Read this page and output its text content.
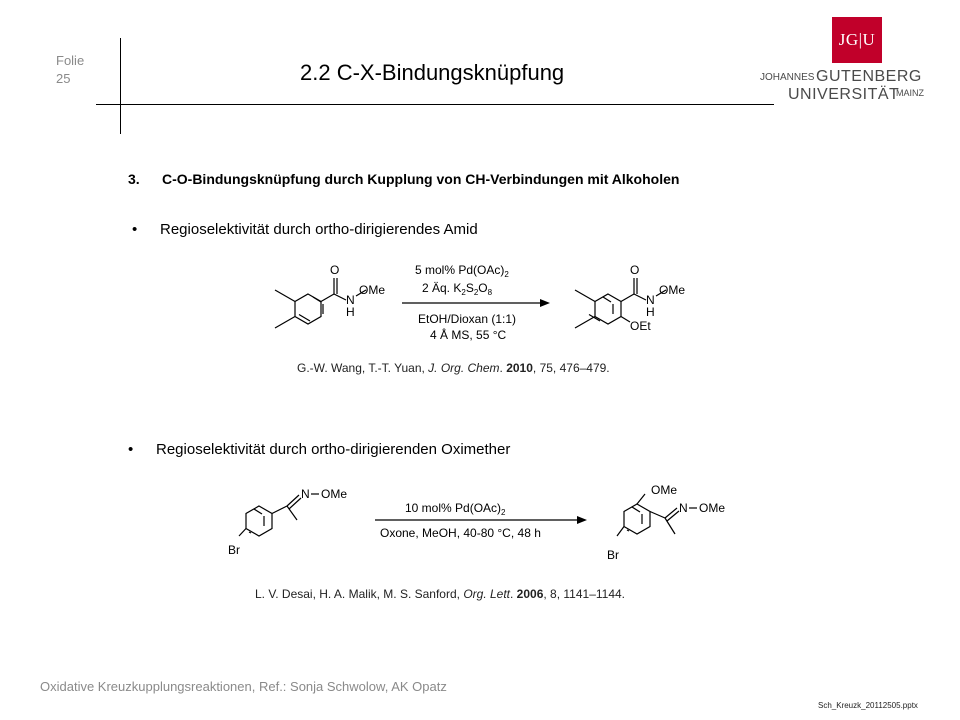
Folie
25	2.2 C-X-Bindungsknüpfung
JG|U
JOHANNES GUTENBERG
UNIVERSITÄT
MAINZ
3. C-O-Bindungsknüpfung durch Kupplung von CH-Verbindungen mit Alkoholen
• Regioselektivität durch ortho-dirigierendes Amid
O
N
H
OMe
5 mol% $Pd(OAc)_2$
2 Äq. $K_2S_2O_8$
EtOH/Dioxan (1:1)
4 Å MS, 55 °C
O
N
H
OMe
OEt
G.-W. Wang, T.-T. Yuan, J. Org. Chem. 2010, 75, 476–479.
• Regioselektivität durch ortho-dirigierenden Oximether
Br
N OMe
10 mol% $Pd(OAc)_2$
Oxone, MeOH, 40-80 °C, 48 h
OMe
N OMe
Br
L. V. Desai, H. A. Malik, M. S. Sanford, Org. Lett. 2006, 8, 1141–1144.
Oxidative Kreuzkupplungsreaktionen, Ref.: Sonja Schwolow, AK Opatz
Sch_Kreuzk_20112505.pptx
